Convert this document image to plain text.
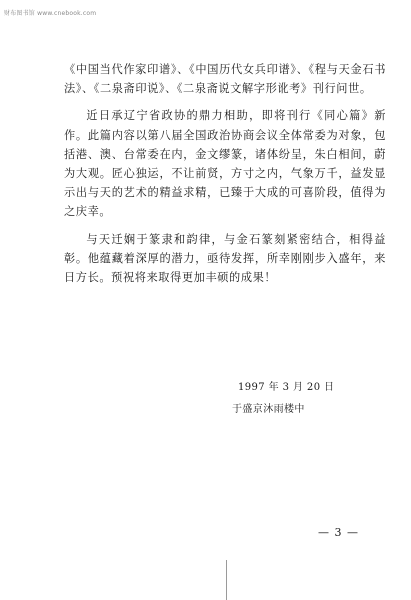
财布图书馆 www.cnebook.com

《中国当代作家印谱》、《中国历代女兵印谱》、《程与天金石书法》、《二泉斋印说》、《二泉斋说文解字形讹考》刊行问世。

近日承辽宁省政协的鼎力相助，即将刊行《同心篇》新作。此篇内容以第八届全国政治协商会议全体常委为对象，包括港、澳、台常委在内，金文缪篆，诸体纷呈，朱白相间，蔚为大观。匠心独运，不让前贤，方寸之内，气象万千，益发显示出与天的艺术的精益求精，已臻于大成的可喜阶段，值得为之庆幸。

与天迁娴于篆隶和韵律，与金石篆刻紧密结合，相得益彰。他蕴藏着深厚的潜力，亟待发挥，所幸刚刚步入盛年，来日方长。预祝将来取得更加丰硕的成果！

1997 年 3 月 20 日
于盛京沐雨楼中
— 3 —
